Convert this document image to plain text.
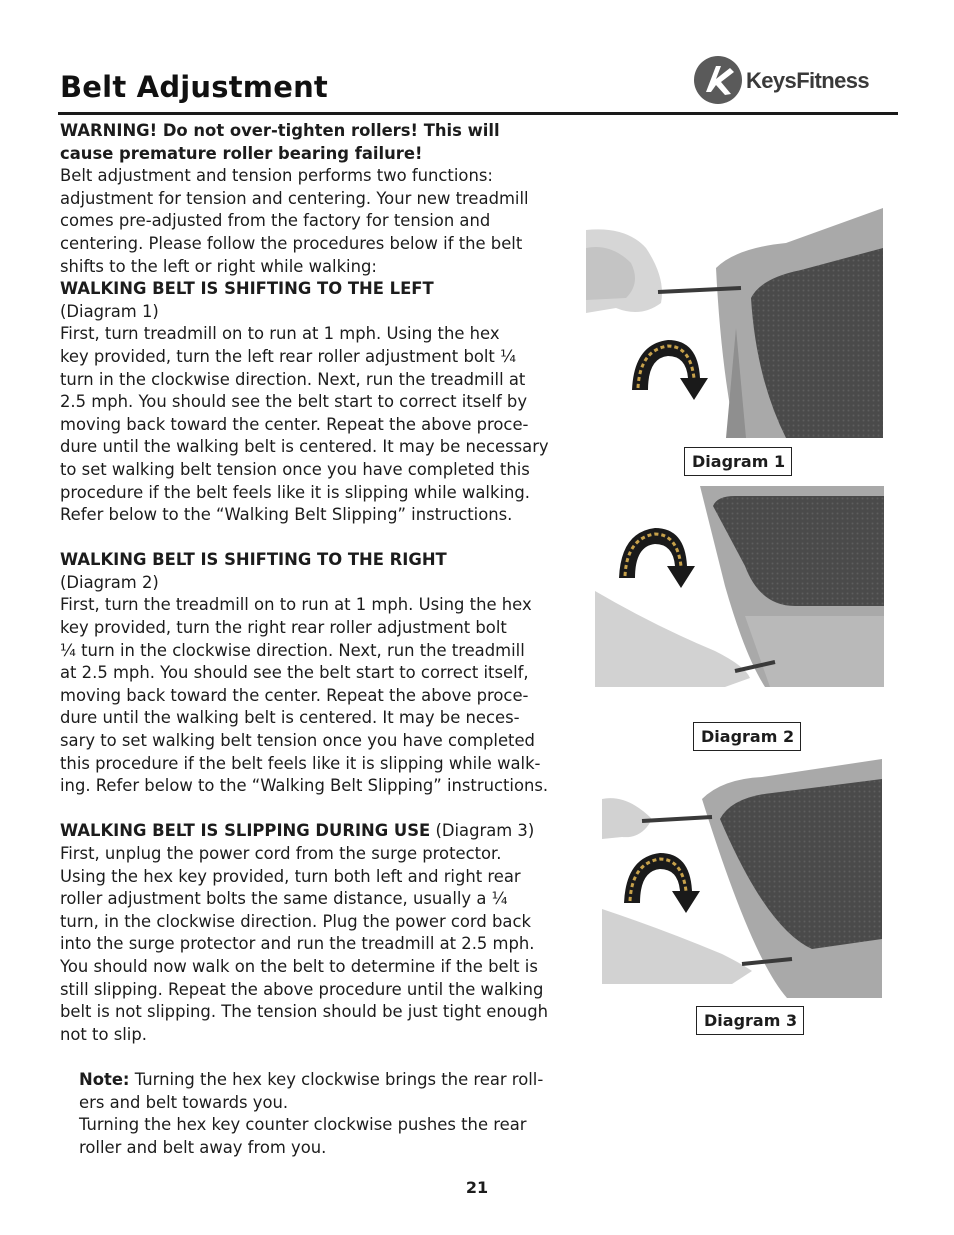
Belt Adjustment	KeysFitness

WARNING! Do not over-tighten rollers! This will

cause premature roller bearing failure!

Belt adjustment and tension performs two functions:

adjustment for tension and centering. Your new treadmill

comes pre-adjusted from the factory for tension and

centering. Please follow the procedures below if the belt

shifts to the left or right while walking:

WALKING BELT IS SHIFTING TO THE LEFT

(Diagram 1)

First, turn treadmill on to run at 1 mph. Using the hex

key provided, turn the left rear roller adjustment bolt ¼

turn in the clockwise direction. Next, run the treadmill at

2.5 mph. You should see the belt start to correct itself by

moving back toward the center. Repeat the above proce-

dure until the walking belt is centered. It may be necessary

to set walking belt tension once you have completed this

procedure if the belt feels like it is slipping while walking.

Refer below to the “Walking Belt Slipping” instructions.

WALKING BELT IS SHIFTING TO THE RIGHT

(Diagram 2)

First, turn the treadmill on to run at 1 mph. Using the hex

key provided, turn the right rear roller adjustment bolt

¼ turn in the clockwise direction. Next, run the treadmill

at 2.5 mph. You should see the belt start to correct itself,

moving back toward the center. Repeat the above proce-

dure until the walking belt is centered. It may be neces-

sary to set walking belt tension once you have completed

this procedure if the belt feels like it is slipping while walk-

ing. Refer below to the “Walking Belt Slipping” instructions.

WALKING BELT IS SLIPPING DURING USE (Diagram 3)

First, unplug the power cord from the surge protector.

Using the hex key provided, turn both left and right rear

roller adjustment bolts the same distance, usually a ¼

turn, in the clockwise direction. Plug the power cord back

into the surge protector and run the treadmill at 2.5 mph.

You should now walk on the belt to determine if the belt is

still slipping. Repeat the above procedure until the walking

belt is not slipping. The tension should be just tight enough

not to slip.

Note: Turning the hex key clockwise brings the rear roll-

ers and belt towards you.

Turning the hex key counter clockwise pushes the rear

roller and belt away from you.

Diagram 1
Diagram 2
Diagram 3
21
